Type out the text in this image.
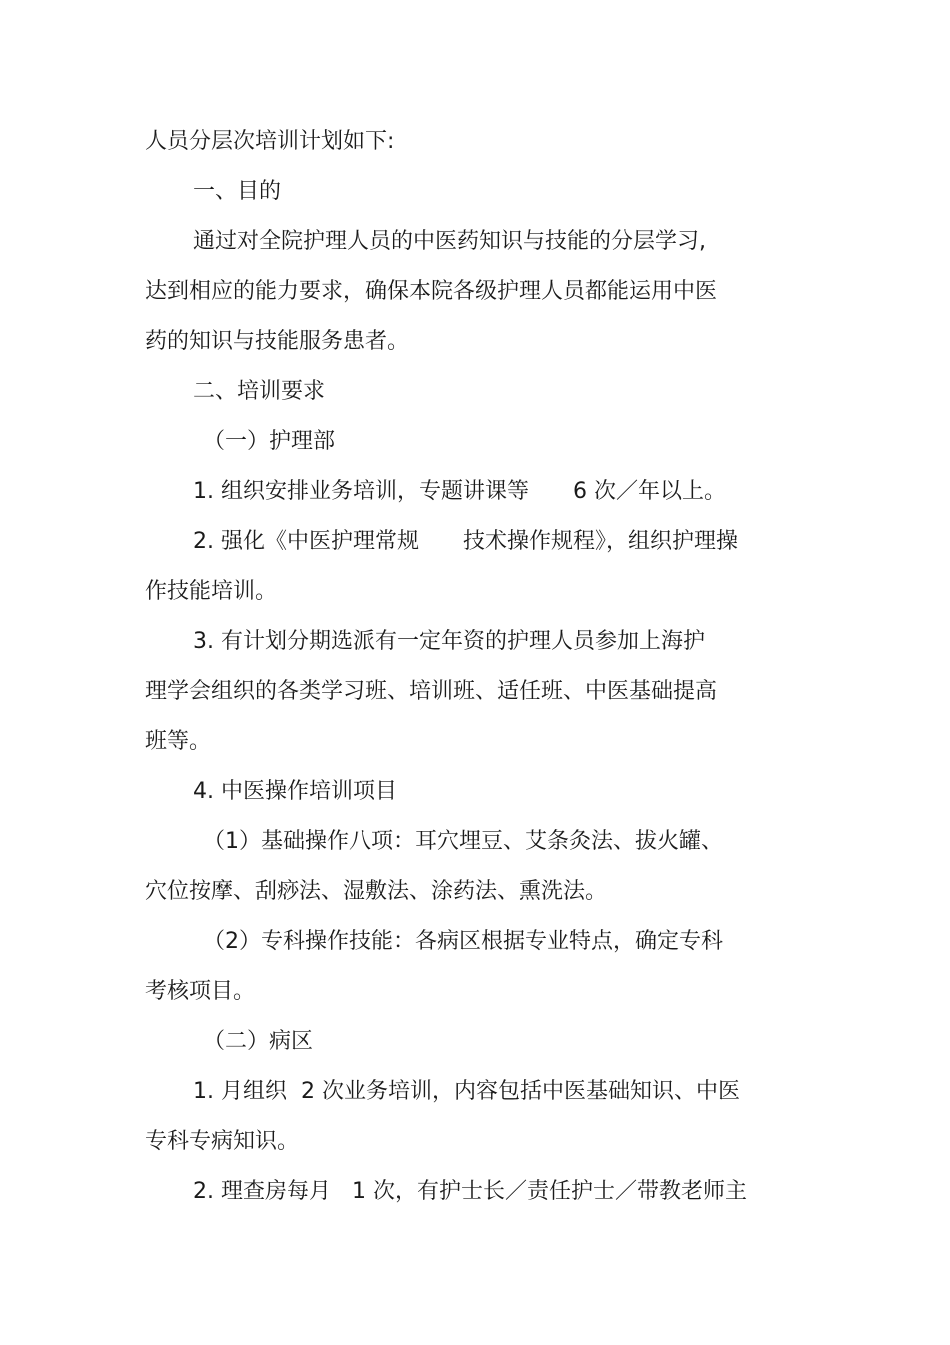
人员分层次培训计划如下:
一、目的
通过对全院护理人员的中医药知识与技能的分层学习,
达到相应的能力要求，确保本院各级护理人员都能运用中医
药的知识与技能服务患者。
二、培训要求
（一）护理部
1. 组织安排业务培训，专题讲课等　　6 次／年以上。
2. 强化《中医护理常规　　技术操作规程》，组织护理操
作技能培训。
3. 有计划分期选派有一定年资的护理人员参加上海护
理学会组织的各类学习班、培训班、适任班、中医基础提高
班等。
4. 中医操作培训项目
（1）基础操作八项：耳穴埋豆、艾条灸法、拔火罐、
穴位按摩、刮痧法、湿敷法、涂药法、熏洗法。
（2）专科操作技能：各病区根据专业特点，确定专科
考核项目。
（二）病区
1. 月组织  2 次业务培训，内容包括中医基础知识、中医
专科专病知识。
2. 理查房每月   1 次，有护士长／责任护士／带教老师主
